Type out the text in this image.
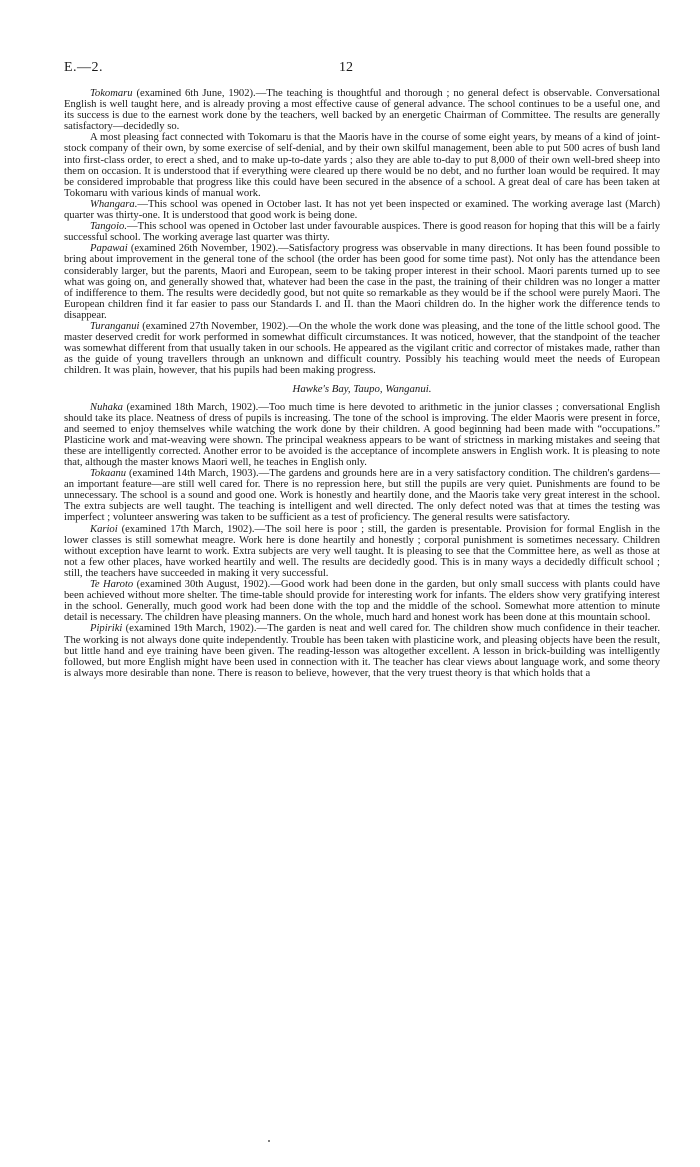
E.—2.	12

Tokomaru (examined 6th June, 1902).—The teaching is thoughtful and thorough ; no general defect is observable. Conversational English is well taught here, and is already proving a most effective cause of general advance. The school continues to be a useful one, and its success is due to the earnest work done by the teachers, well backed by an energetic Chairman of Committee. The results are generally satisfactory—decidedly so.

A most pleasing fact connected with Tokomaru is that the Maoris have in the course of some eight years, by means of a kind of joint-stock company of their own, by some exercise of self-denial, and by their own skilful management, been able to put 500 acres of bush land into first-class order, to erect a shed, and to make up-to-date yards ; also they are able to-day to put 8,000 of their own well-bred sheep into them on occasion. It is understood that if everything were cleared up there would be no debt, and no further loan would be required. It may be considered improbable that progress like this could have been secured in the absence of a school. A great deal of care has been taken at Tokomaru with various kinds of manual work.

Whangara.—This school was opened in October last. It has not yet been inspected or examined. The working average last (March) quarter was thirty-one. It is understood that good work is being done.

Tangoio.—This school was opened in October last under favourable auspices. There is good reason for hoping that this will be a fairly successful school. The working average last quarter was thirty.

Papawai (examined 26th November, 1902).—Satisfactory progress was observable in many directions. It has been found possible to bring about improvement in the general tone of the school (the order has been good for some time past). Not only has the attendance been considerably larger, but the parents, Maori and European, seem to be taking proper interest in their school. Maori parents turned up to see what was going on, and generally showed that, whatever had been the case in the past, the training of their children was no longer a matter of indifference to them. The results were decidedly good, but not quite so remarkable as they would be if the school were purely Maori. The European children find it far easier to pass our Standards I. and II. than the Maori children do. In the higher work the difference tends to disappear.

Turanganui (examined 27th November, 1902).—On the whole the work done was pleasing, and the tone of the little school good. The master deserved credit for work performed in somewhat difficult circumstances. It was noticed, however, that the standpoint of the teacher was somewhat different from that usually taken in our schools. He appeared as the vigilant critic and corrector of mistakes made, rather than as the guide of young travellers through an unknown and difficult country. Possibly his teaching would meet the needs of European children. It was plain, however, that his pupils had been making progress.

Hawke's Bay, Taupo, Wanganui.

Nuhaka (examined 18th March, 1902).—Too much time is here devoted to arithmetic in the junior classes ; conversational English should take its place. Neatness of dress of pupils is increasing. The tone of the school is improving. The elder Maoris were present in force, and seemed to enjoy themselves while watching the work done by their children. A good beginning had been made with “occupations.” Plasticine work and mat-weaving were shown. The principal weakness appears to be want of strictness in marking mistakes and seeing that these are intelligently corrected. Another error to be avoided is the acceptance of incomplete answers in English work. It is pleasing to note that, although the master knows Maori well, he teaches in English only.

Tokaanu (examined 14th March, 1903).—The gardens and grounds here are in a very satisfactory condition. The children's gardens—an important feature—are still well cared for. There is no repression here, but still the pupils are very quiet. Punishments are found to be unnecessary. The school is a sound and good one. Work is honestly and heartily done, and the Maoris take very great interest in the school. The extra subjects are well taught. The teaching is intelligent and well directed. The only defect noted was that at times the testing was imperfect ; volunteer answering was taken to be sufficient as a test of proficiency. The general results were satisfactory.

Karioi (examined 17th March, 1902).—The soil here is poor ; still, the garden is presentable. Provision for formal English in the lower classes is still somewhat meagre. Work here is done heartily and honestly ; corporal punishment is sometimes necessary. Children without exception have learnt to work. Extra subjects are very well taught. It is pleasing to see that the Committee here, as well as those at not a few other places, have worked heartily and well. The results are decidedly good. This is in many ways a decidedly difficult school ; still, the teachers have succeeded in making it very successful.

Te Haroto (examined 30th August, 1902).—Good work had been done in the garden, but only small success with plants could have been achieved without more shelter. The time-table should provide for interesting work for infants. The elders show very gratifying interest in the school. Generally, much good work had been done with the top and the middle of the school. Somewhat more attention to minute detail is necessary. The children have pleasing manners. On the whole, much hard and honest work has been done at this mountain school.

Pipiriki (examined 19th March, 1902).—The garden is neat and well cared for. The children show much confidence in their teacher. The working is not always done quite independently. Trouble has been taken with plasticine work, and pleasing objects have been the result, but little hand and eye training have been given. The reading-lesson was altogether excellent. A lesson in brick-building was intelligently followed, but more English might have been used in connection with it. The teacher has clear views about language work, and some theory is always more desirable than none. There is reason to believe, however, that the very truest theory is that which holds that a
